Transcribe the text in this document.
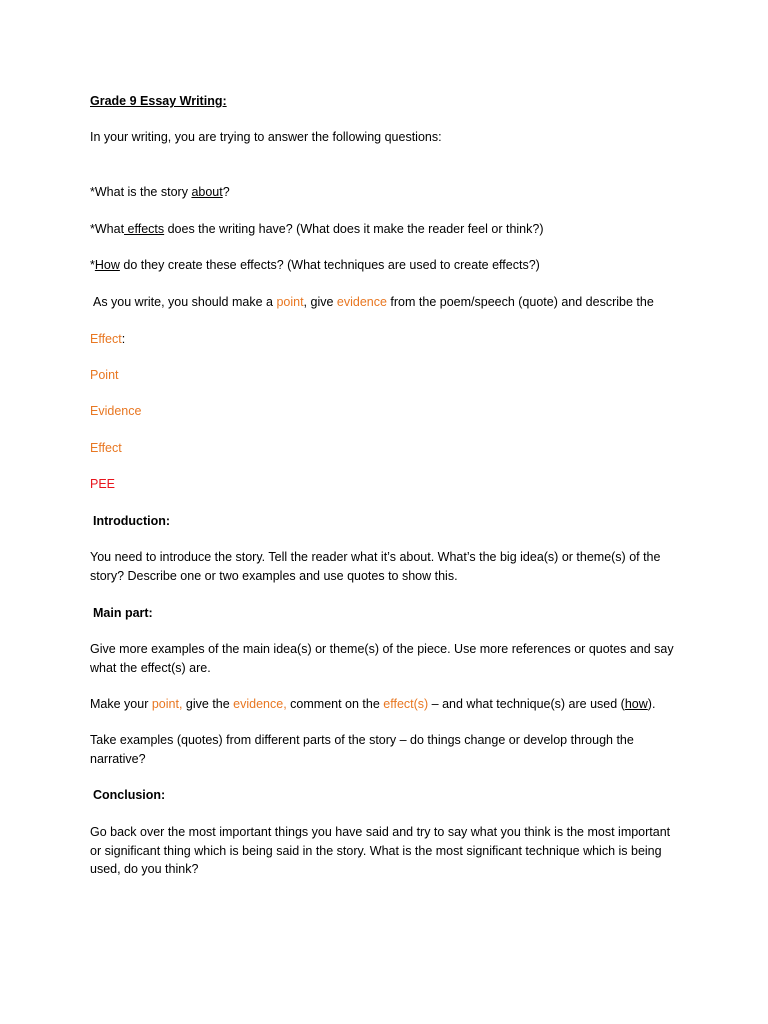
Grade 9 Essay Writing:
In your writing, you are trying to answer the following questions:
*What is the story about?
*What effects does the writing have? (What does it make the reader feel or think?)
*How do they create these effects? (What techniques are used to create effects?)
As you write, you should make a point, give evidence from the poem/speech (quote) and describe the
Effect:
Point
Evidence
Effect
PEE
Introduction:
You need to introduce the story. Tell the reader what it’s about. What’s the big idea(s) or theme(s) of the story? Describe one or two examples and use quotes to show this.
Main part:
Give more examples of the main idea(s) or theme(s) of the piece. Use more references or quotes and say what the effect(s) are.
Make your point, give the evidence, comment on the effect(s) – and what technique(s) are used (how).
Take examples (quotes) from different parts of the story – do things change or develop through the narrative?
Conclusion:
Go back over the most important things you have said and try to say what you think is the most important or significant thing which is being said in the story. What is the most significant technique which is being used, do you think?
